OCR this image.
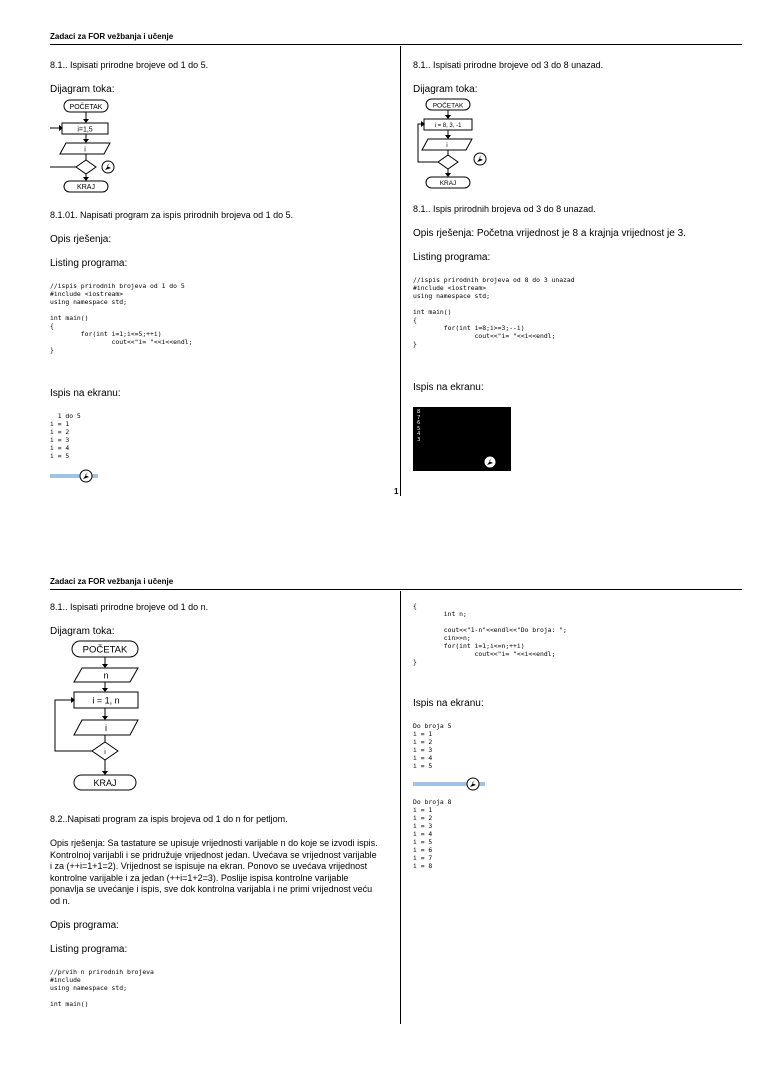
Zadaci za FOR vežbanja i učenje

8.1.. Ispisati prirodne brojeve od 1 do 5.

Dijagram toka:

POČETAK
i=1,5
i
KRAJ

8.1.01. Napisati program za ispis prirodnih brojeva od 1 do 5.

Opis rješenja:

Listing programa:

//ispis prirodnih brojeva od 1 do 5
#include <iostream>
using namespace std;

int main()
{
for(int i=1;i<=5;++i)
cout<<"i= "<<i<<endl;
}

Ispis na ekranu:

1 do 5
i = 1
i = 2
i = 3
i = 4
i = 5

8.1.. Ispisati prirodne brojeve od 3 do 8 unazad.

Dijagram toka:

POČETAK
i = 8, 3, -1
i
KRAJ

8.1.. Ispis prirodnih brojeva od 3 do 8 unazad.

Opis rješenja: Početna vrijednost je 8 a krajnja vrijednost je 3.

Listing programa:

//ispis prirodnih brojeva od 8 do 3 unazad
#include <iostream>
using namespace std;

int main()
{
for(int i=8;i>=3;--i)
cout<<"i= "<<i<<endl;
}

Ispis na ekranu:

8
7
6
5
4
3
1
Zadaci za FOR vežbanja i učenje

8.1.. Ispisati prirodne brojeve od 1 do n.

Dijagram toka:

POČETAK
n
i = 1, n
i
i
KRAJ

8.2..Napisati program za ispis brojeva od 1 do n for petljom.

Opis rješenja: Sa tastature se upisuje vrijednosti varijable n do koje se izvodi ispis. Kontrolnoj varijabli i se pridružuje vrijednost jedan. Uvećava se vrijednost varijable i za (++i=1+1=2). Vrijednost se ispisuje na ekran. Ponovo se uvećava vrijednost kontrolne varijable i za jedan (++i=1+2=3). Poslije ispisa kontrolne varijable ponavlja se uvećanje i ispis, sve dok kontrolna varijabla i ne primi vrijednost veću od n.

Opis programa:

Listing programa:

//prvih n prirodnih brojeva
#include
using namespace std;

int main()
{
int n;

cout<<"1-n"<<endl<<"Do broja: ";
cin>>n;
for(int i=1;i<=n;++i)
cout<<"i= "<<i<<endl;
}

Ispis na ekranu:

Do broja 5
i = 1
i = 2
i = 3
i = 4
i = 5
Do broja 8
i = 1
i = 2
i = 3
i = 4
i = 5
i = 6
i = 7
i = 8
